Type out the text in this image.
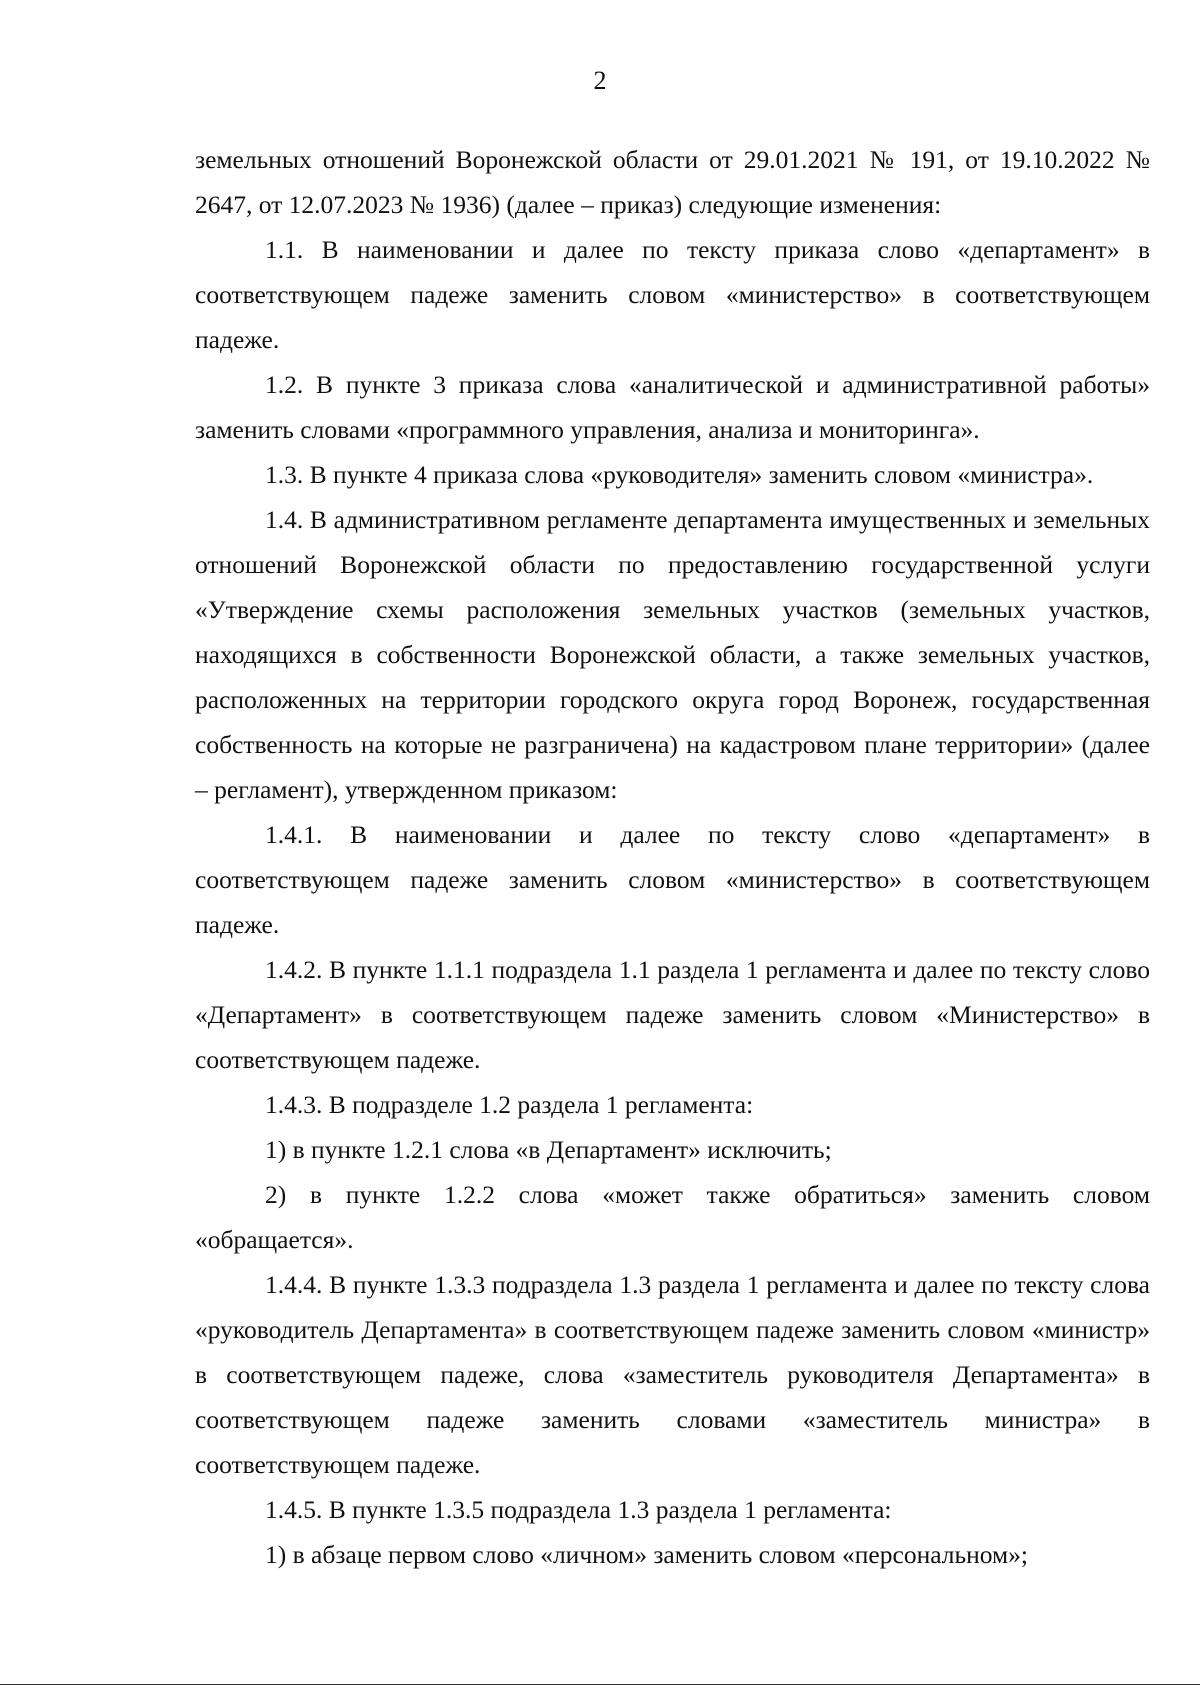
2

земельных отношений Воронежской области от 29.01.2021 № 191, от 19.10.2022 № 2647, от 12.07.2023 № 1936) (далее – приказ) следующие изменения:

1.1. В наименовании и далее по тексту приказа слово «департамент» в соответствующем падеже заменить словом «министерство» в соответствующем падеже.

1.2. В пункте 3 приказа слова «аналитической и административной работы» заменить словами «программного управления, анализа и мониторинга».

1.3. В пункте 4 приказа слова «руководителя» заменить словом «министра».

1.4. В административном регламенте департамента имущественных и земельных отношений Воронежской области по предоставлению государственной услуги «Утверждение схемы расположения земельных участков (земельных участков, находящихся в собственности Воронежской области, а также земельных участков, расположенных на территории городского округа город Воронеж, государственная собственность на которые не разграничена) на кадастровом плане территории» (далее – регламент), утвержденном приказом:

1.4.1. В наименовании и далее по тексту слово «департамент» в соответствующем падеже заменить словом «министерство» в соответствующем падеже.

1.4.2. В пункте 1.1.1 подраздела 1.1 раздела 1 регламента и далее по тексту слово «Департамент» в соответствующем падеже заменить словом «Министерство» в соответствующем падеже.

1.4.3. В подразделе 1.2 раздела 1 регламента:

1) в пункте 1.2.1 слова «в Департамент» исключить;

2) в пункте 1.2.2 слова «может также обратиться» заменить словом «обращается».

1.4.4. В пункте 1.3.3 подраздела 1.3 раздела 1 регламента и далее по тексту слова «руководитель Департамента» в соответствующем падеже заменить словом «министр» в соответствующем падеже, слова «заместитель руководителя Департамента» в соответствующем падеже заменить словами «заместитель министра» в соответствующем падеже.

1.4.5. В пункте 1.3.5 подраздела 1.3 раздела 1 регламента:

1) в абзаце первом слово «личном» заменить словом «персональном»;
